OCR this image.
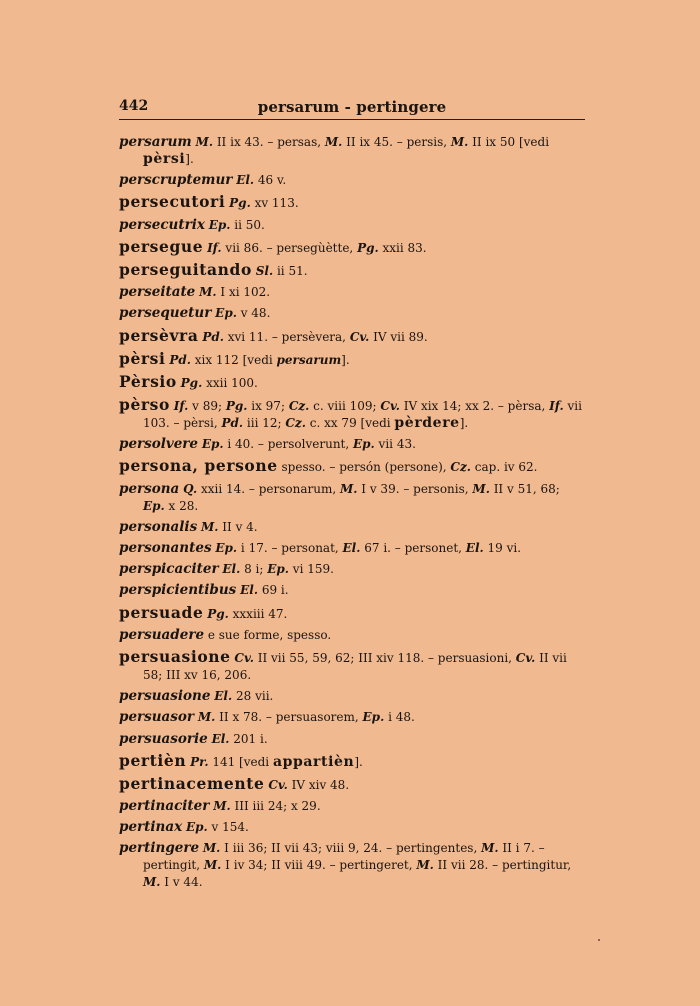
442	persarum - pertingere

persarum M. II ix 43. – persas, M. II ix 45. – persis, M. II ix 50 [vedi pèrsi].

perscruptemur El. 46 v.

persecutori Pg. xv 113.

persecutrix Ep. ii 50.

persegue If. vii 86. – persegùètte, Pg. xxii 83.

perseguitando Sl. ii 51.

perseitate M. I xi 102.

persequetur Ep. v 48.

persèvra Pd. xvi 11. – persèvera, Cv. IV vii 89.

pèrsi Pd. xix 112 [vedi persarum].

Pèrsio Pg. xxii 100.

pèrso If. v 89; Pg. ix 97; Cz. c. viii 109; Cv. IV xix 14; xx 2. – pèrsa, If. vii 103. – pèrsi, Pd. iii 12; Cz. c. xx 79 [vedi pèrdere].

persolvere Ep. i 40. – persolverunt, Ep. vii 43.

persona, persone spesso. – persón (persone), Cz. cap. iv 62.

persona Q. xxii 14. – personarum, M. I v 39. – personis, M. II v 51, 68; Ep. x 28.

personalis M. II v 4.

personantes Ep. i 17. – personat, El. 67 i. – personet, El. 19 vi.

perspicaciter El. 8 i; Ep. vi 159.

perspicientibus El. 69 i.

persuade Pg. xxxiii 47.

persuadere e sue forme, spesso.

persuasione Cv. II vii 55, 59, 62; III xiv 118. – persuasioni, Cv. II vii 58; III xv 16, 206.

persuasione El. 28 vii.

persuasor M. II x 78. – persuasorem, Ep. i 48.

persuasorie El. 201 i.

pertièn Pr. 141 [vedi appartièn].

pertinacemente Cv. IV xiv 48.

pertinaciter M. III iii 24; x 29.

pertinax Ep. v 154.

pertingere M. I iii 36; II vii 43; viii 9, 24. – pertingentes, M. II i 7. – pertingit, M. I iv 34; II viii 49. – pertingeret, M. II vii 28. – pertingitur, M. I v 44.
